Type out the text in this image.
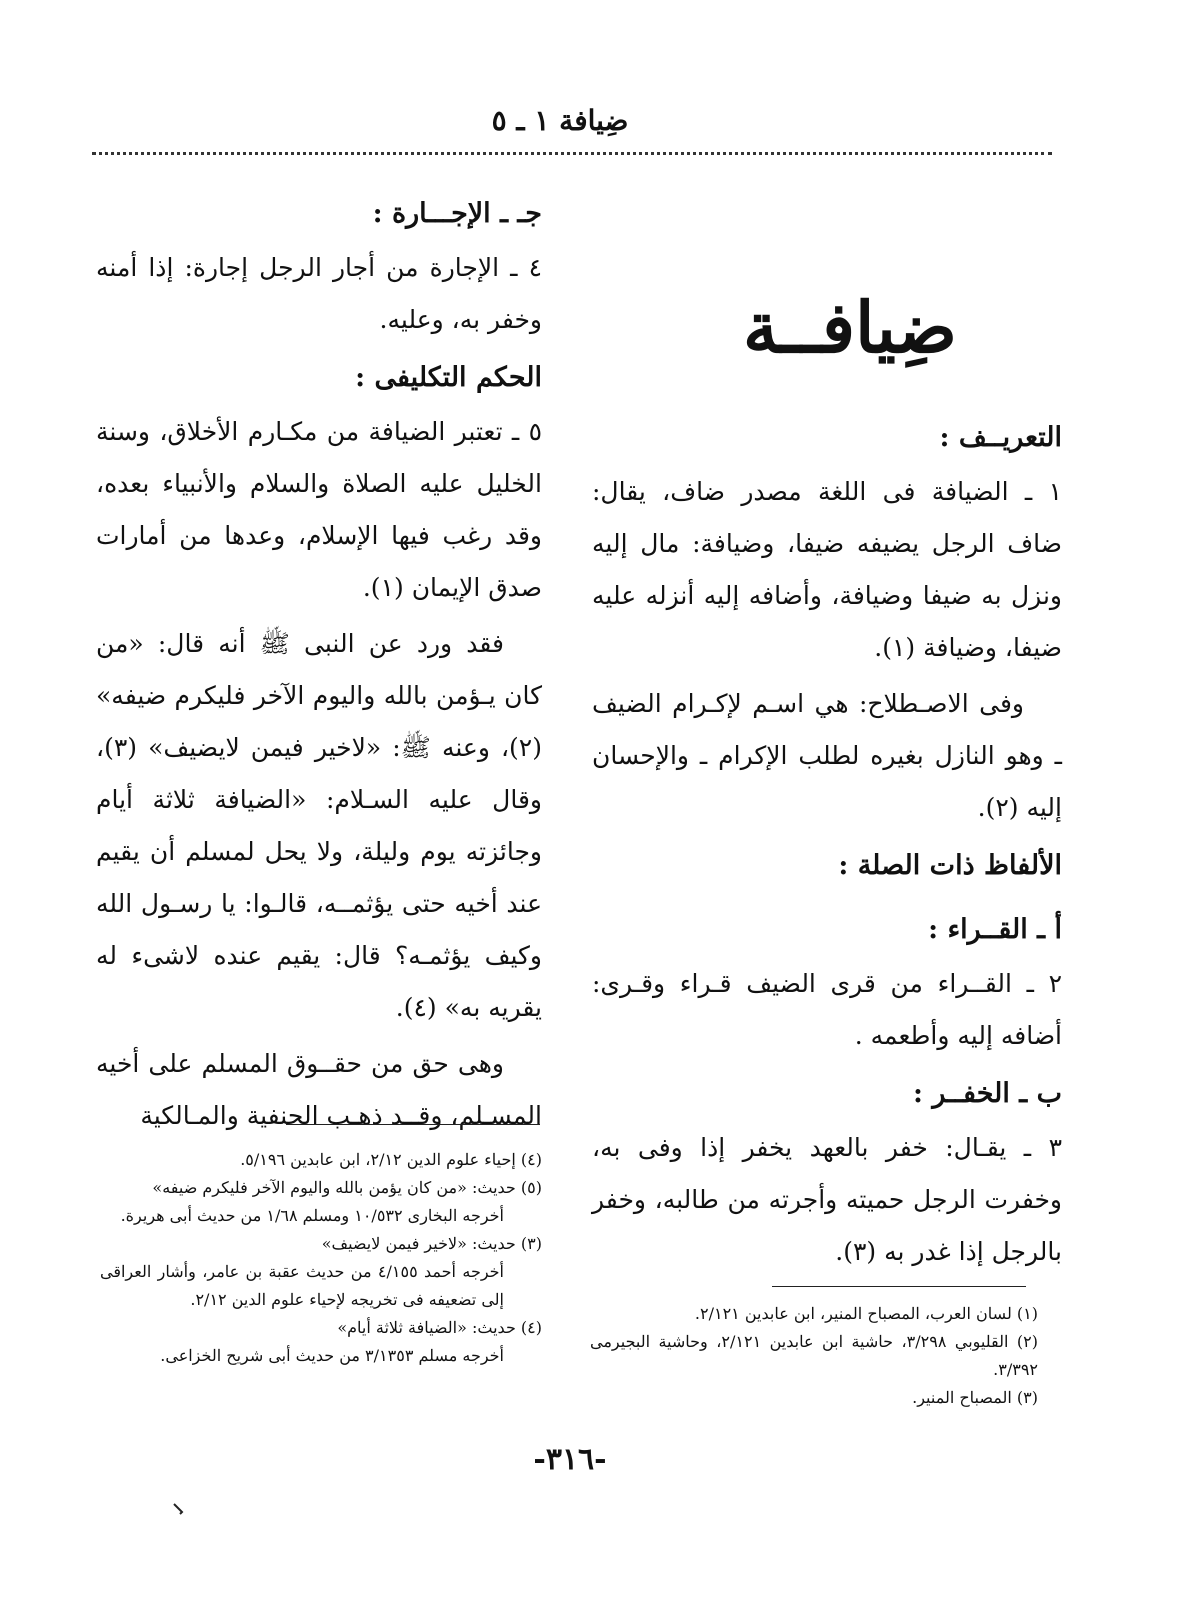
ضِيافة ١ ـ ٥
ضِيافــة
التعريــف :
١ ـ الضيافة فى اللغة مصدر ضاف، يقال: ضاف الرجل يضيفه ضيفا، وضيافة: مال إليه ونزل به ضيفا وضيافة، وأضافه إليه أنزله عليه ضيفا، وضيافة (١).
وفى الاصـطلاح: هي اسـم لإكـرام الضيف ـ وهو النازل بغيره لطلب الإكرام ـ والإحسان إليه (٢).
الألفاظ ذات الصلة :
أ ـ القــراء :
٢ ـ القــراء من قرى الضيف قـراء وقـرى: أضافه إليه وأطعمه .
ب ـ الخفــر :
٣ ـ يقـال: خفر بالعهد يخفر إذا وفى به، وخفرت الرجل حميته وأجرته من طالبه، وخفر بالرجل إذا غدر به (٣).
جـ ـ الإجـــارة :
٤ ـ الإجارة من أجار الرجل إجارة: إذا أمنه وخفر به، وعليه.
الحكم التكليفى :
٥ ـ تعتبر الضيافة من مكـارم الأخلاق، وسنة الخليل عليه الصلاة والسلام والأنبياء بعده، وقد رغب فيها الإسلام، وعدها من أمارات صدق الإيمان (١).
فقد ورد عن النبى ﷺ أنه قال: «من كان يـؤمن بالله واليوم الآخر فليكرم ضيفه» (٢)، وعنه ﷺ: «لاخير فيمن لايضيف» (٣)، وقال عليه السـلام: «الضيافة ثلاثة أيام وجائزته يوم وليلة، ولا يحل لمسلم أن يقيم عند أخيه حتى يؤثمــه، قالـوا: يا رسـول الله وكيف يؤثمـه؟ قال: يقيم عنده لاشىء له يقريه به» (٤).
وهى حق من حقــوق المسلم على أخيه المسـلم، وقــد ذهـب الحنفية والمـالكية
(٤) إحياء علوم الدين ٢/١٢، ابن عابدين ٥/١٩٦.
(٥) حديث: «من كان يؤمن بالله واليوم الآخر فليكرم ضيفه»
أخرجه البخارى ١٠/٥٣٢ ومسلم ١/٦٨ من حديث أبى هريرة.
(٣) حديث: «لاخير فيمن لايضيف»
أخرجه أحمد ٤/١٥٥ من حديث عقبة بن عامر، وأشار العراقى إلى تضعيفه فى تخريجه لإحياء علوم الدين ٢/١٢.
(٤) حديث: «الضيافة ثلاثة أيام»
أخرجه مسلم ٣/١٣٥٣ من حديث أبى شريح الخزاعى.
(١) لسان العرب، المصباح المنير، ابن عابدين ٢/١٢١.
(٢) القليوبي ٣/٢٩٨، حاشية ابن عابدين ٢/١٢١، وحاشية البجيرمى ٣/٣٩٢.
(٣) المصباح المنير.
-٣١٦-
